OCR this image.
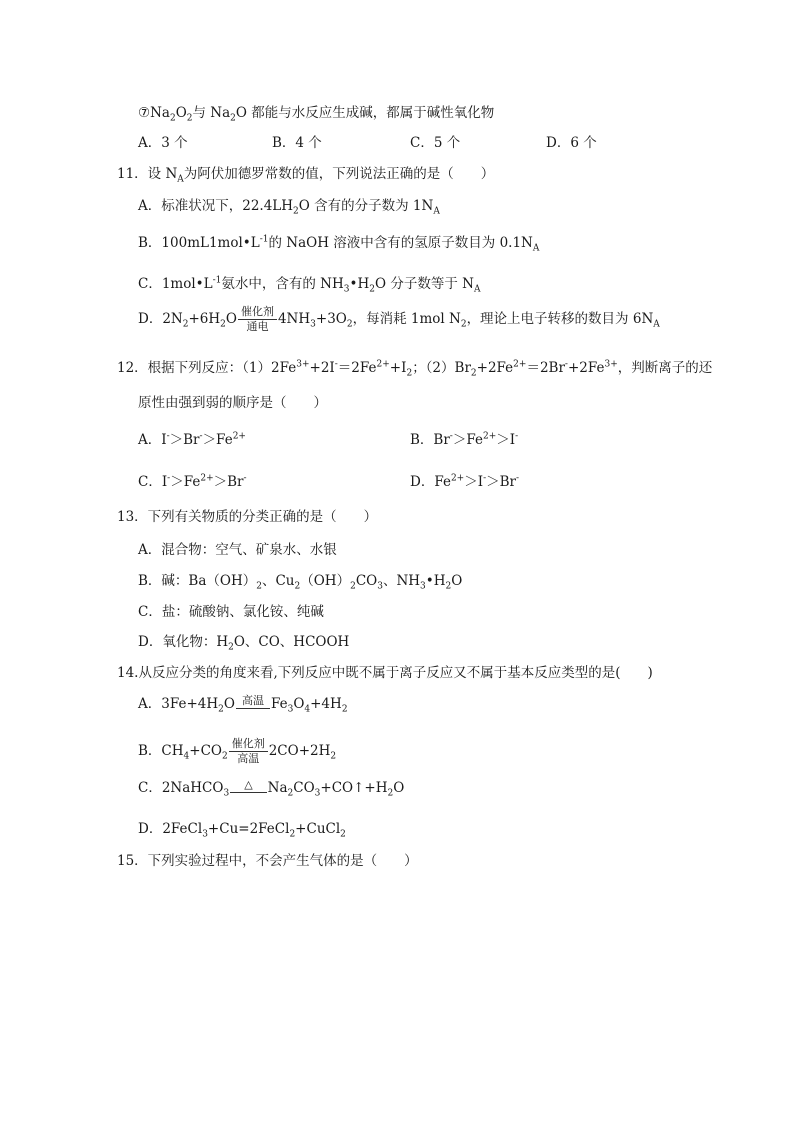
$⑦Na_2O_2$与 $Na_2O$ 都能与水反应生成碱，都属于碱性氧化物
A．3 个	B．4 个	C．5 个	D．6 个
11．设 $N_A$为阿伏加德罗常数的值，下列说法正确的是（　　）
A．标准状况下，$22.4LH_2O$ 含有的分子数为 $1N_A$
B．$100mL1mol•L^{-1}$的 NaOH 溶液中含有的氢原子数目为 $0.1N_A$
C．$1mol•L^{-1}$氨水中，含有的 $NH_3•H_2O$ 分子数等于 $N_A$
D．$2N_2+6H_2O$ 催化剂
通电 $4NH_3+3O_2$，每消耗 1mol $N_2$，理论上电子转移的数目为 $6N_A$
12．根据下列反应：$(1)2Fe^{3+}+2I^-=2Fe^{2+}+I_2$；$(2)Br_2+2Fe^{2+}=2Br^-+2Fe^{3+}$，判断离子的还
原性由强到弱的顺序是（　　）
A．$I^->Br^->Fe^{2+}$	B．$Br^->Fe^{2+}>I^-$
C．$I^->Fe^{2+}>Br^-$	D．$Fe^{2+}>I^->Br^-$
13．下列有关物质的分类正确的是（　　）
A．混合物：空气、矿泉水、水银
B．碱：$Ba(OH)_2$、$Cu_2(OH)_2CO_3$、$NH_3•H_2O$
C．盐：硫酸钠、氯化铵、纯碱
D．氧化物：$H_2O$、CO、HCOOH
14.从反应分类的角度来看,下列反应中既不属于离子反应又不属于基本反应类型的是(　　)
A．$3Fe+4H_2O$ 高温 $Fe_3O_4+4H_2$
B．$CH_4+CO_2$
催化剂
高温 $2CO+2H_2$
C．2NaHCO$_3$
△	$Na_2CO_3+CO↑+H_2O$
D．2FeCl$_3$+Cu=2FeCl$_2$+CuCl$_2$
15．下列实验过程中，不会产生气体的是（　　）
